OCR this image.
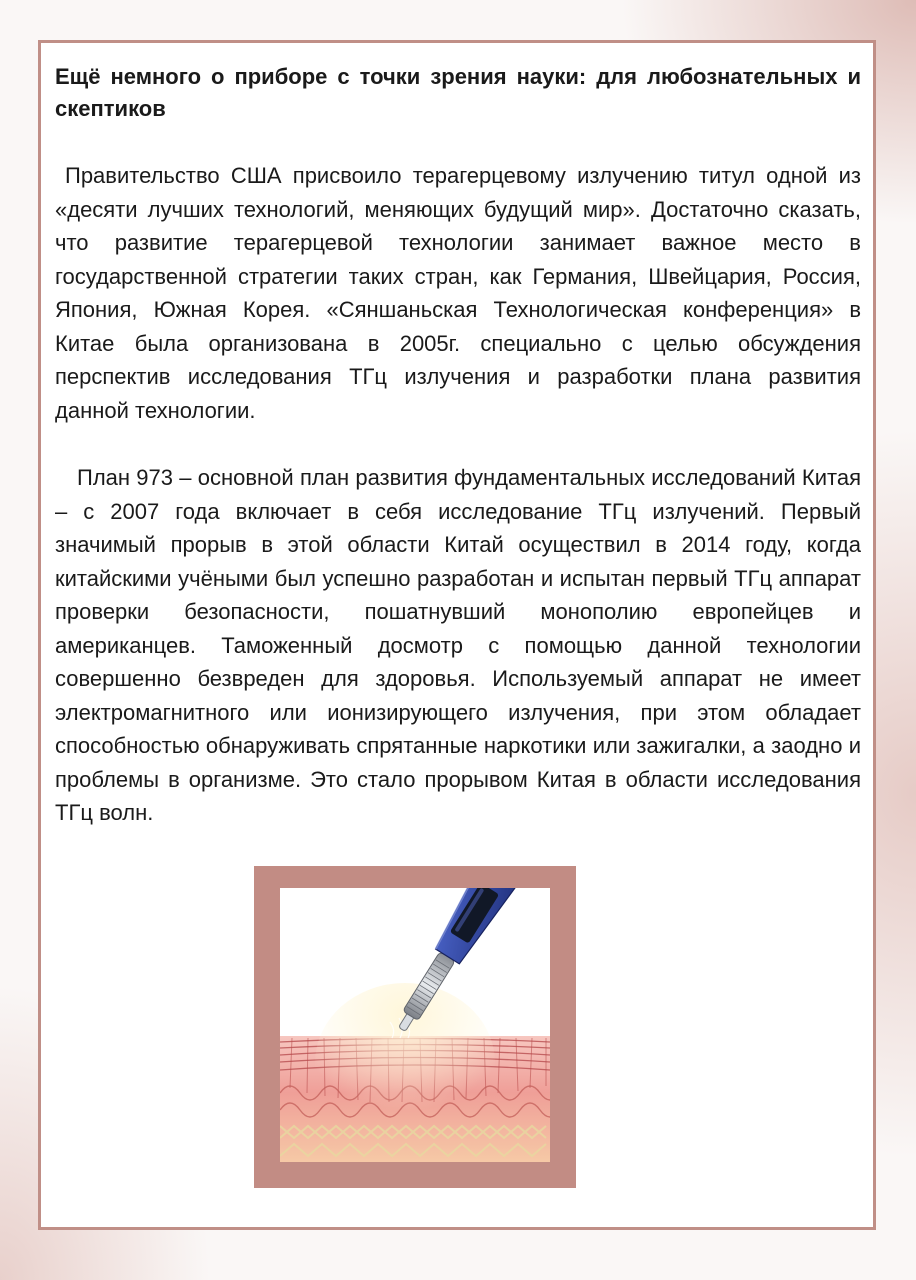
Ещё немного о приборе с точки зрения науки: для любознательных и скептиков

Правительство США присвоило терагерцевому излучению титул одной из «десяти лучших технологий, меняющих будущий мир». Достаточно сказать, что развитие терагерцевой технологии занимает важное место в государственной стратегии таких стран, как Германия, Швейцария, Россия, Япония, Южная Корея. «Сяншаньская Технологическая конференция» в Китае была организована в 2005г. специально с целью обсуждения перспектив исследования ТГц излучения и разработки плана развития данной технологии.

План 973 – основной план развития фундаментальных исследований Китая – с 2007 года включает в себя исследование ТГц излучений. Первый значимый прорыв в этой области Китай осуществил в 2014 году, когда китайскими учёными был успешно разработан и испытан первый ТГц аппарат проверки безопасности, пошатнувший монополию европейцев и американцев. Таможенный досмотр с помощью данной технологии совершенно безвреден для здоровья. Используемый аппарат не имеет электромагнитного или ионизирующего излучения, при этом обладает способностью обнаруживать спрятанные наркотики или зажигалки, а заодно и проблемы в организме. Это стало прорывом Китая в области исследования ТГц волн.
